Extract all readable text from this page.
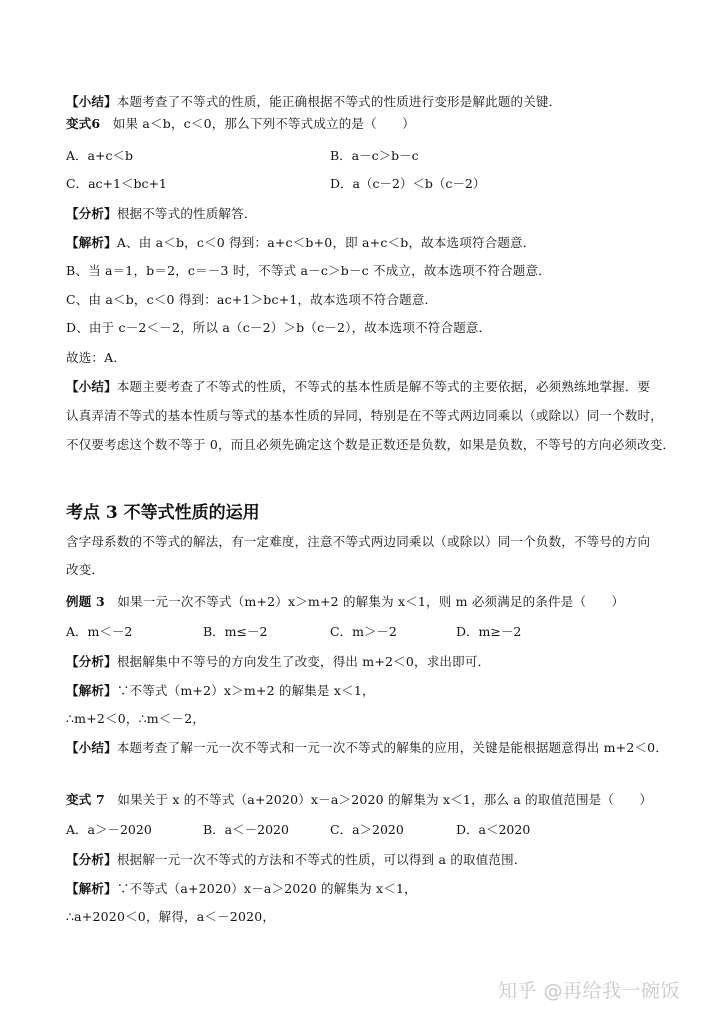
【小结】本题考查了不等式的性质，能正确根据不等式的性质进行变形是解此题的关键．
变式6 如果 a＜b，c＜0，那么下列不等式成立的是（　　）
A．a+c＜b	B．a－c＞b－c
C．ac+1＜bc+1	D．a（c－2）＜b（c－2）
【分析】根据不等式的性质解答．
【解析】A、由 a＜b，c＜0 得到：a+c＜b+0，即 a+c＜b，故本选项符合题意．
B、当 a＝1，b＝2，c＝－3 时，不等式 a－c＞b－c 不成立，故本选项不符合题意．
C、由 a＜b，c＜0 得到：ac+1＞bc+1，故本选项不符合题意．
D、由于 c－2＜－2，所以 a（c－2）＞b（c－2），故本选项不符合题意．
故选：A．
【小结】本题主要考查了不等式的性质，不等式的基本性质是解不等式的主要依据，必须熟练地掌握．要
认真弄清不等式的基本性质与等式的基本性质的异同，特别是在不等式两边同乘以（或除以）同一个数时，
不仅要考虑这个数不等于 0，而且必须先确定这个数是正数还是负数，如果是负数，不等号的方向必须改变．
考点 3 不等式性质的运用
含字母系数的不等式的解法，有一定难度，注意不等式两边同乘以（或除以）同一个负数，不等号的方向
改变．
例题 3 如果一元一次不等式（m+2）x＞m+2 的解集为 x＜1，则 m 必须满足的条件是（　　）
A．m＜－2	B．m≤－2	C．m＞－2	D．m≥－2
【分析】根据解集中不等号的方向发生了改变，得出 m+2＜0，求出即可．
【解析】∵不等式（m+2）x＞m+2 的解集是 x＜1，
∴m+2＜0，∴m＜－2，
【小结】本题考查了解一元一次不等式和一元一次不等式的解集的应用，关键是能根据题意得出 m+2＜0．
变式 7 如果关于 x 的不等式（a+2020）x－a＞2020 的解集为 x＜1，那么 a 的取值范围是（　　）
A．a＞－2020	B．a＜－2020	C．a＞2020	D．a＜2020
【分析】根据解一元一次不等式的方法和不等式的性质，可以得到 a 的取值范围．
【解析】∵不等式（a+2020）x－a＞2020 的解集为 x＜1，
∴a+2020＜0，解得，a＜－2020，
知乎 @再给我一碗饭
